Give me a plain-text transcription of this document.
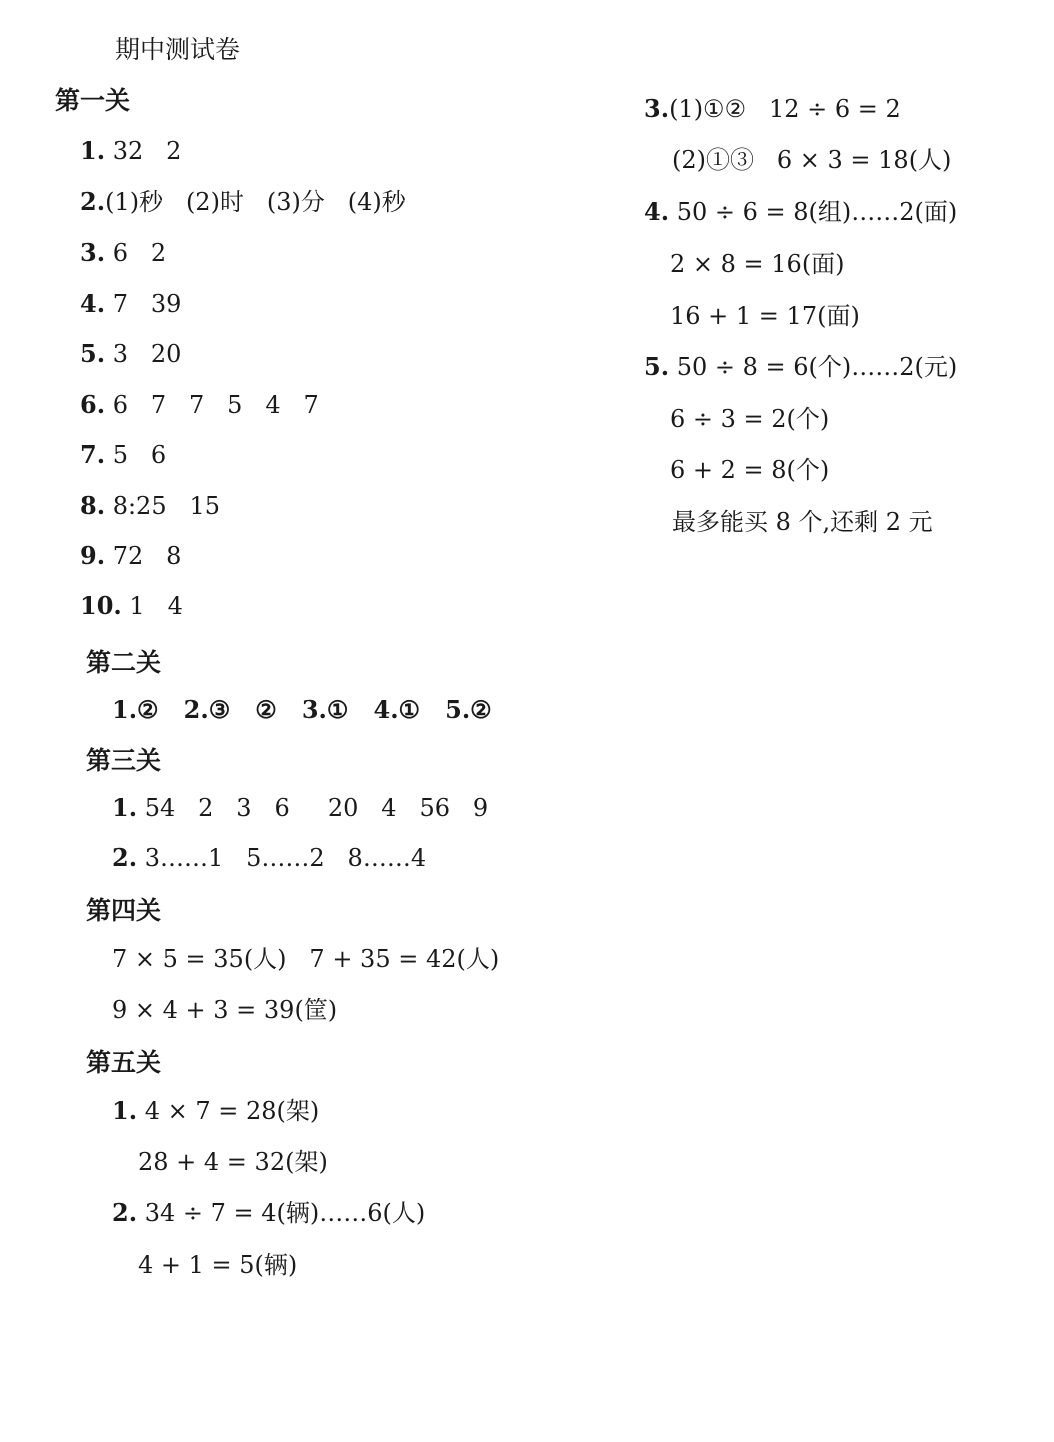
期中测试卷
第一关
1. 32   2
2.(1)秒   (2)时   (3)分   (4)秒
3. 6   2
4. 7   39
5. 3   20
6. 6   7   7   5   4   7
7. 5   6
8. 8:25   15
9. 72   8
10. 1   4
第二关
1.②   2.③   ②   3.①   4.①   5.②
第三关
1. 54   2   3   6     20   4   56   9
2. 3……1   5……2   8……4
第四关
7 × 5 = 35(人)   7 + 35 = 42(人)
9 × 4 + 3 = 39(筐)
第五关
1. 4 × 7 = 28(架)
28 + 4 = 32(架)
2. 34 ÷ 7 = 4(辆)……6(人)
4 + 1 = 5(辆)
3.(1)①②   12 ÷ 6 = 2
(2)①③   6 × 3 = 18(人)
4. 50 ÷ 6 = 8(组)……2(面)
2 × 8 = 16(面)
16 + 1 = 17(面)
5. 50 ÷ 8 = 6(个)……2(元)
6 ÷ 3 = 2(个)
6 + 2 = 8(个)
最多能买 8 个,还剩 2 元
